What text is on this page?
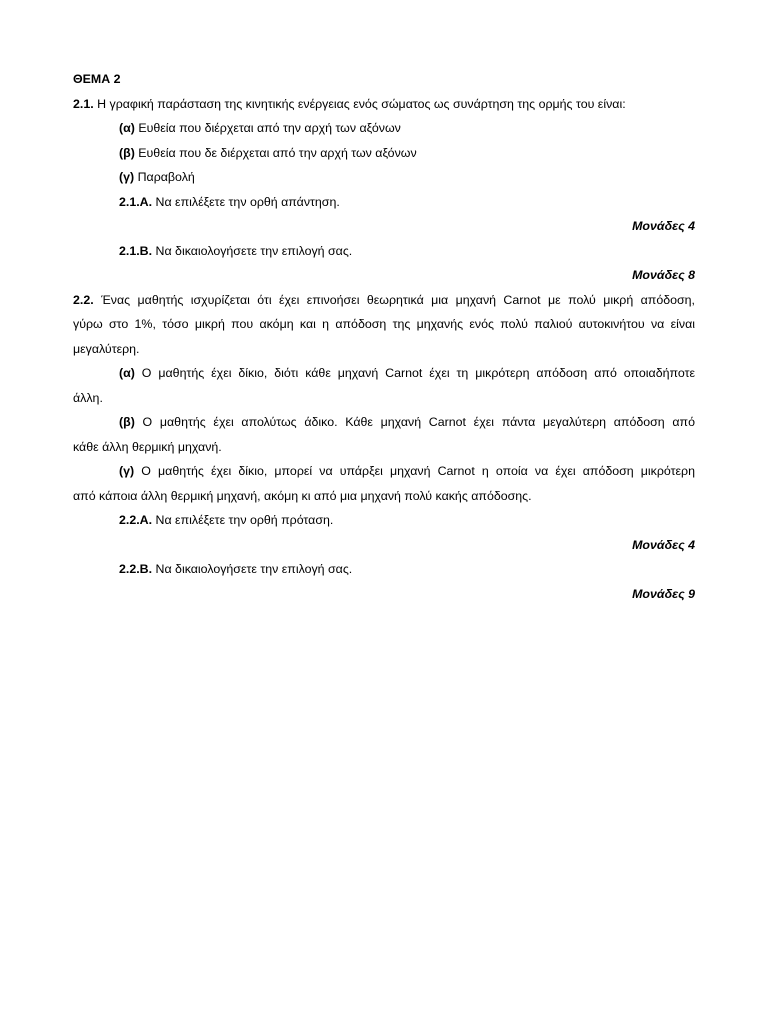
ΘΕΜΑ 2
2.1. Η γραφική παράσταση της κινητικής ενέργειας ενός σώματος ως συνάρτηση της ορμής του είναι:
(α) Ευθεία που διέρχεται από την αρχή των αξόνων
(β) Ευθεία που δε διέρχεται από την αρχή των αξόνων
(γ) Παραβολή
2.1.Α. Να επιλέξετε την ορθή απάντηση.
Μονάδες 4
2.1.Β. Να δικαιολογήσετε την επιλογή σας.
Μονάδες 8
2.2. Ένας μαθητής ισχυρίζεται ότι έχει επινοήσει θεωρητικά μια μηχανή Carnot με πολύ μικρή απόδοση,
γύρω στο 1%, τόσο μικρή που ακόμη και η απόδοση της μηχανής ενός πολύ παλιού αυτοκινήτου να είναι
μεγαλύτερη.
(α) Ο μαθητής έχει δίκιο, διότι κάθε μηχανή Carnot έχει τη μικρότερη απόδοση από οποιαδήποτε
άλλη.
(β) Ο μαθητής έχει απολύτως άδικο. Κάθε μηχανή Carnot έχει πάντα μεγαλύτερη απόδοση από
κάθε άλλη θερμική μηχανή.
(γ) Ο μαθητής έχει δίκιο, μπορεί να υπάρξει μηχανή Carnot η οποία να έχει απόδοση μικρότερη
από κάποια άλλη θερμική μηχανή, ακόμη κι από μια μηχανή πολύ κακής απόδοσης.
2.2.Α. Να επιλέξετε την ορθή πρόταση.
Μονάδες 4
2.2.Β. Να δικαιολογήσετε την επιλογή σας.
Μονάδες 9
